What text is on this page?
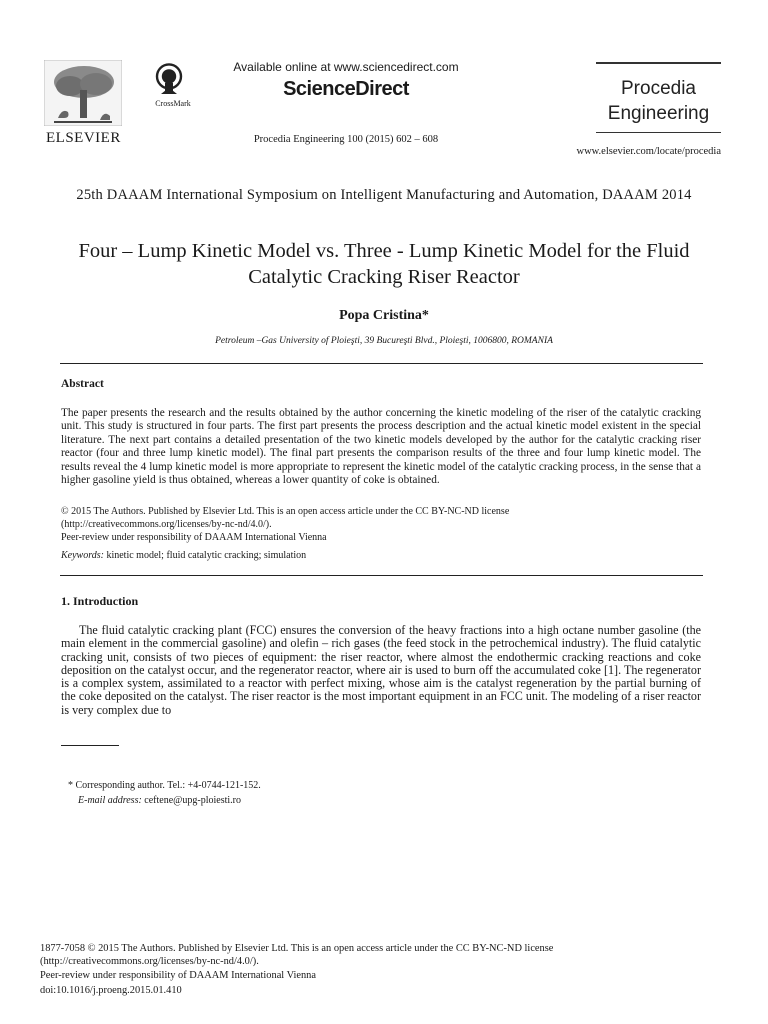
ELSEVIER
CrossMark
Available online at www.sciencedirect.com
ScienceDirect
Procedia Engineering 100 (2015) 602 – 608
Procedia
Engineering
www.elsevier.com/locate/procedia
25th DAAAM International Symposium on Intelligent Manufacturing and Automation, DAAAM 2014
Four – Lump Kinetic Model vs. Three - Lump Kinetic Model for the Fluid Catalytic Cracking Riser Reactor
Popa Cristina*
Petroleum –Gas University of Ploieşti, 39 Bucureşti Blvd., Ploieşti, 1006800, ROMANIA
Abstract
The paper presents the research and the results obtained by the author concerning the kinetic modeling of the riser of the catalytic cracking unit. This study is structured in four parts. The first part presents the process description and the actual kinetic model existent in the special literature. The next part contains a detailed presentation of the two kinetic models developed by the author for the catalytic cracking riser reactor (four and three lump kinetic model). The final part presents the comparison results of the three and four lump kinetic model. The results reveal the 4 lump kinetic model is more appropriate to represent the kinetic model of the catalytic cracking process, in the sense that a higher gasoline yield is thus obtained, whereas a lower quantity of coke is obtained.
© 2015 The Authors. Published by Elsevier Ltd. This is an open access article under the CC BY-NC-ND license
(http://creativecommons.org/licenses/by-nc-nd/4.0/).
Peer-review under responsibility of DAAAM International Vienna
Keywords: kinetic model; fluid catalytic cracking; simulation
1. Introduction
The fluid catalytic cracking plant (FCC) ensures the conversion of the heavy fractions into a high octane number gasoline (the main element in the commercial gasoline) and olefin – rich gases (the feed stock in the petrochemical industry). The fluid catalytic cracking unit, consists of two pieces of equipment: the riser reactor, where almost the endothermic cracking reactions and coke deposition on the catalyst occur, and the regenerator reactor, where air is used to burn off the accumulated coke [1]. The regenerator is a complex system, assimilated to a reactor with perfect mixing, whose aim is the catalyst regeneration by the partial burning of the coke deposited on the catalyst. The riser reactor is the most important equipment in an FCC unit. The modeling of a riser reactor is very complex due to
* Corresponding author. Tel.: +4-0744-121-152.
E-mail address: ceftene@upg-ploiesti.ro
1877-7058 © 2015 The Authors. Published by Elsevier Ltd. This is an open access article under the CC BY-NC-ND license
(http://creativecommons.org/licenses/by-nc-nd/4.0/).
Peer-review under responsibility of DAAAM International Vienna
doi:10.1016/j.proeng.2015.01.410
